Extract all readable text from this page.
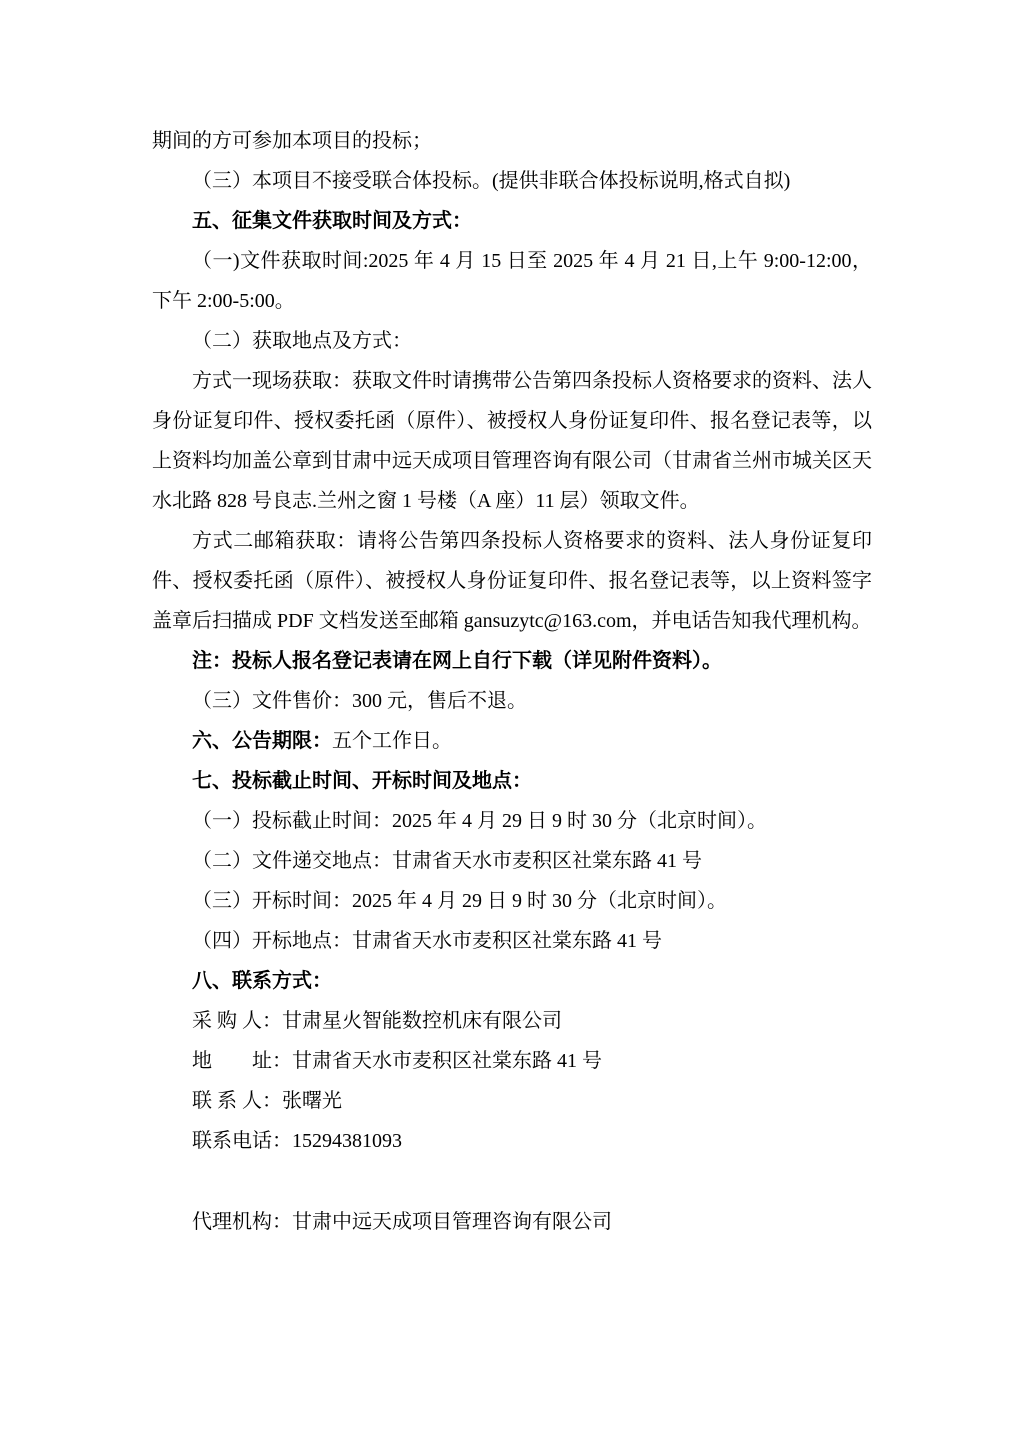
期间的方可参加本项目的投标；

（三）本项目不接受联合体投标。(提供非联合体投标说明,格式自拟)

五、征集文件获取时间及方式：

（一)文件获取时间:2025 年 4 月 15 日至 2025 年 4 月 21 日,上午 9:00-12:00，下午 2:00-5:00。

（二）获取地点及方式：

方式一现场获取：获取文件时请携带公告第四条投标人资格要求的资料、法人身份证复印件、授权委托函（原件）、被授权人身份证复印件、报名登记表等，以上资料均加盖公章到甘肃中远天成项目管理咨询有限公司（甘肃省兰州市城关区天水北路 828 号良志.兰州之窗 1 号楼（A 座）11 层）领取文件。

方式二邮箱获取：请将公告第四条投标人资格要求的资料、法人身份证复印件、授权委托函（原件）、被授权人身份证复印件、报名登记表等，以上资料签字盖章后扫描成 PDF 文档发送至邮箱 gansuzytc@163.com，并电话告知我代理机构。

注：投标人报名登记表请在网上自行下载（详见附件资料）。

（三）文件售价：300 元，售后不退。

六、公告期限：五个工作日。

七、投标截止时间、开标时间及地点：

（一）投标截止时间：2025 年 4 月 29 日 9 时 30 分（北京时间）。

（二）文件递交地点：甘肃省天水市麦积区社棠东路 41 号

（三）开标时间：2025 年 4 月 29 日 9 时 30 分（北京时间）。

（四）开标地点：甘肃省天水市麦积区社棠东路 41 号

八、联系方式：

采 购 人：甘肃星火智能数控机床有限公司

地　　址：甘肃省天水市麦积区社棠东路 41 号

联 系 人：张曙光

联系电话：15294381093

代理机构：甘肃中远天成项目管理咨询有限公司
